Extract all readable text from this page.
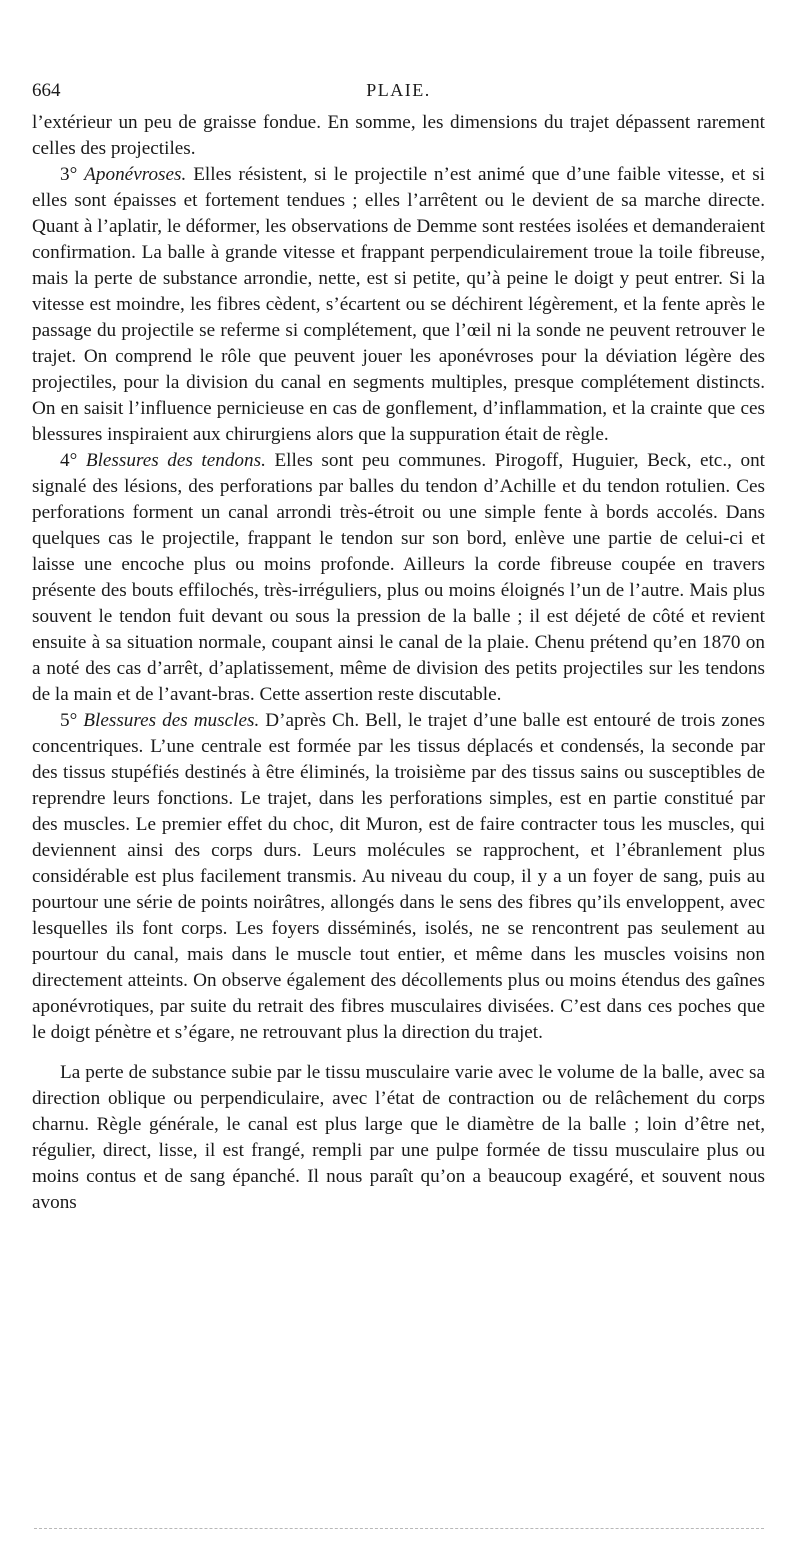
664	PLAIE.

l’extérieur un peu de graisse fondue. En somme, les dimensions du trajet dépassent rarement celles des projectiles.

3° Aponévroses. Elles résistent, si le projectile n’est animé que d’une faible vitesse, et si elles sont épaisses et fortement tendues ; elles l’arrêtent ou le devient de sa marche directe. Quant à l’aplatir, le déformer, les observations de Demme sont restées isolées et demanderaient confirmation. La balle à grande vitesse et frappant perpendiculairement troue la toile fibreuse, mais la perte de substance arrondie, nette, est si petite, qu’à peine le doigt y peut entrer. Si la vitesse est moindre, les fibres cèdent, s’écartent ou se déchirent légèrement, et la fente après le passage du projectile se referme si complétement, que l’œil ni la sonde ne peuvent retrouver le trajet. On comprend le rôle que peuvent jouer les aponévroses pour la déviation légère des projectiles, pour la division du canal en segments multiples, presque complétement distincts. On en saisit l’influence pernicieuse en cas de gonflement, d’inflammation, et la crainte que ces blessures inspiraient aux chirurgiens alors que la suppuration était de règle.

4° Blessures des tendons. Elles sont peu communes. Pirogoff, Huguier, Beck, etc., ont signalé des lésions, des perforations par balles du tendon d’Achille et du tendon rotulien. Ces perforations forment un canal arrondi très-étroit ou une simple fente à bords accolés. Dans quelques cas le projectile, frappant le tendon sur son bord, enlève une partie de celui-ci et laisse une encoche plus ou moins profonde. Ailleurs la corde fibreuse coupée en travers présente des bouts effilochés, très-irréguliers, plus ou moins éloignés l’un de l’autre. Mais plus souvent le tendon fuit devant ou sous la pression de la balle ; il est déjeté de côté et revient ensuite à sa situation normale, coupant ainsi le canal de la plaie. Chenu prétend qu’en 1870 on a noté des cas d’arrêt, d’aplatissement, même de division des petits projectiles sur les tendons de la main et de l’avant-bras. Cette assertion reste discutable.

5° Blessures des muscles. D’après Ch. Bell, le trajet d’une balle est entouré de trois zones concentriques. L’une centrale est formée par les tissus déplacés et condensés, la seconde par des tissus stupéfiés destinés à être éliminés, la troisième par des tissus sains ou susceptibles de reprendre leurs fonctions. Le trajet, dans les perforations simples, est en partie constitué par des muscles. Le premier effet du choc, dit Muron, est de faire contracter tous les muscles, qui deviennent ainsi des corps durs. Leurs molécules se rapprochent, et l’ébranlement plus considérable est plus facilement transmis. Au niveau du coup, il y a un foyer de sang, puis au pourtour une série de points noirâtres, allongés dans le sens des fibres qu’ils enveloppent, avec lesquelles ils font corps. Les foyers disséminés, isolés, ne se rencontrent pas seulement au pourtour du canal, mais dans le muscle tout entier, et même dans les muscles voisins non directement atteints. On observe également des décollements plus ou moins étendus des gaînes aponévrotiques, par suite du retrait des fibres musculaires divisées. C’est dans ces poches que le doigt pénètre et s’égare, ne retrouvant plus la direction du trajet.

La perte de substance subie par le tissu musculaire varie avec le volume de la balle, avec sa direction oblique ou perpendiculaire, avec l’état de contraction ou de relâchement du corps charnu. Règle générale, le canal est plus large que le diamètre de la balle ; loin d’être net, régulier, direct, lisse, il est frangé, rempli par une pulpe formée de tissu musculaire plus ou moins contus et de sang épanché. Il nous paraît qu’on a beaucoup exagéré, et souvent nous avons
